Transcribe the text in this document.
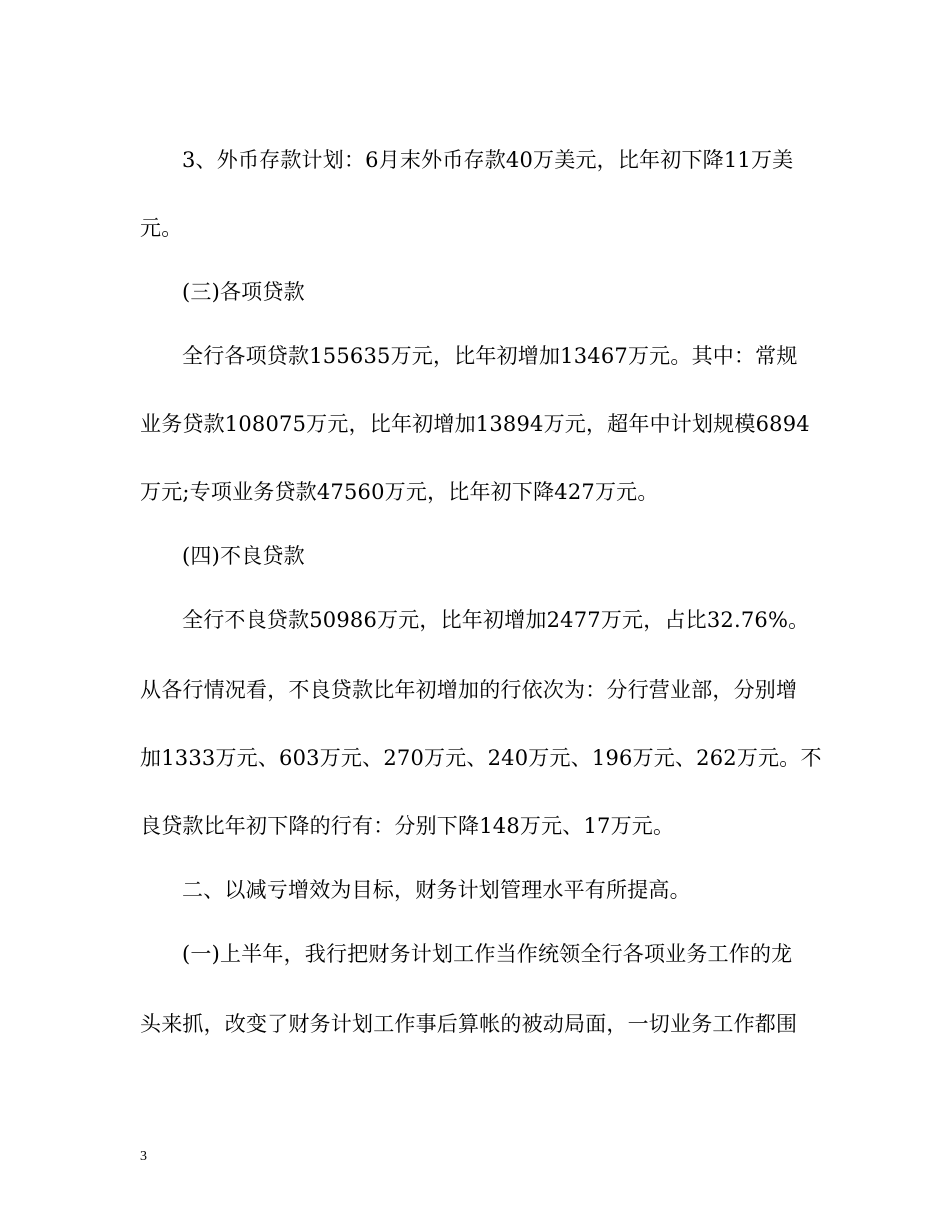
3、外币存款计划：6月末外币存款40万美元，比年初下降11万美
元。
(三)各项贷款
全行各项贷款155635万元，比年初增加13467万元。其中：常规
业务贷款108075万元，比年初增加13894万元，超年中计划规模6894
万元;专项业务贷款47560万元，比年初下降427万元。
(四)不良贷款
全行不良贷款50986万元，比年初增加2477万元，占比32.76%。
从各行情况看，不良贷款比年初增加的行依次为：分行营业部，分别增
加1333万元、603万元、270万元、240万元、196万元、262万元。不
良贷款比年初下降的行有：分别下降148万元、17万元。
二、以减亏增效为目标，财务计划管理水平有所提高。
(一)上半年，我行把财务计划工作当作统领全行各项业务工作的龙
头来抓，改变了财务计划工作事后算帐的被动局面，一切业务工作都围
3
